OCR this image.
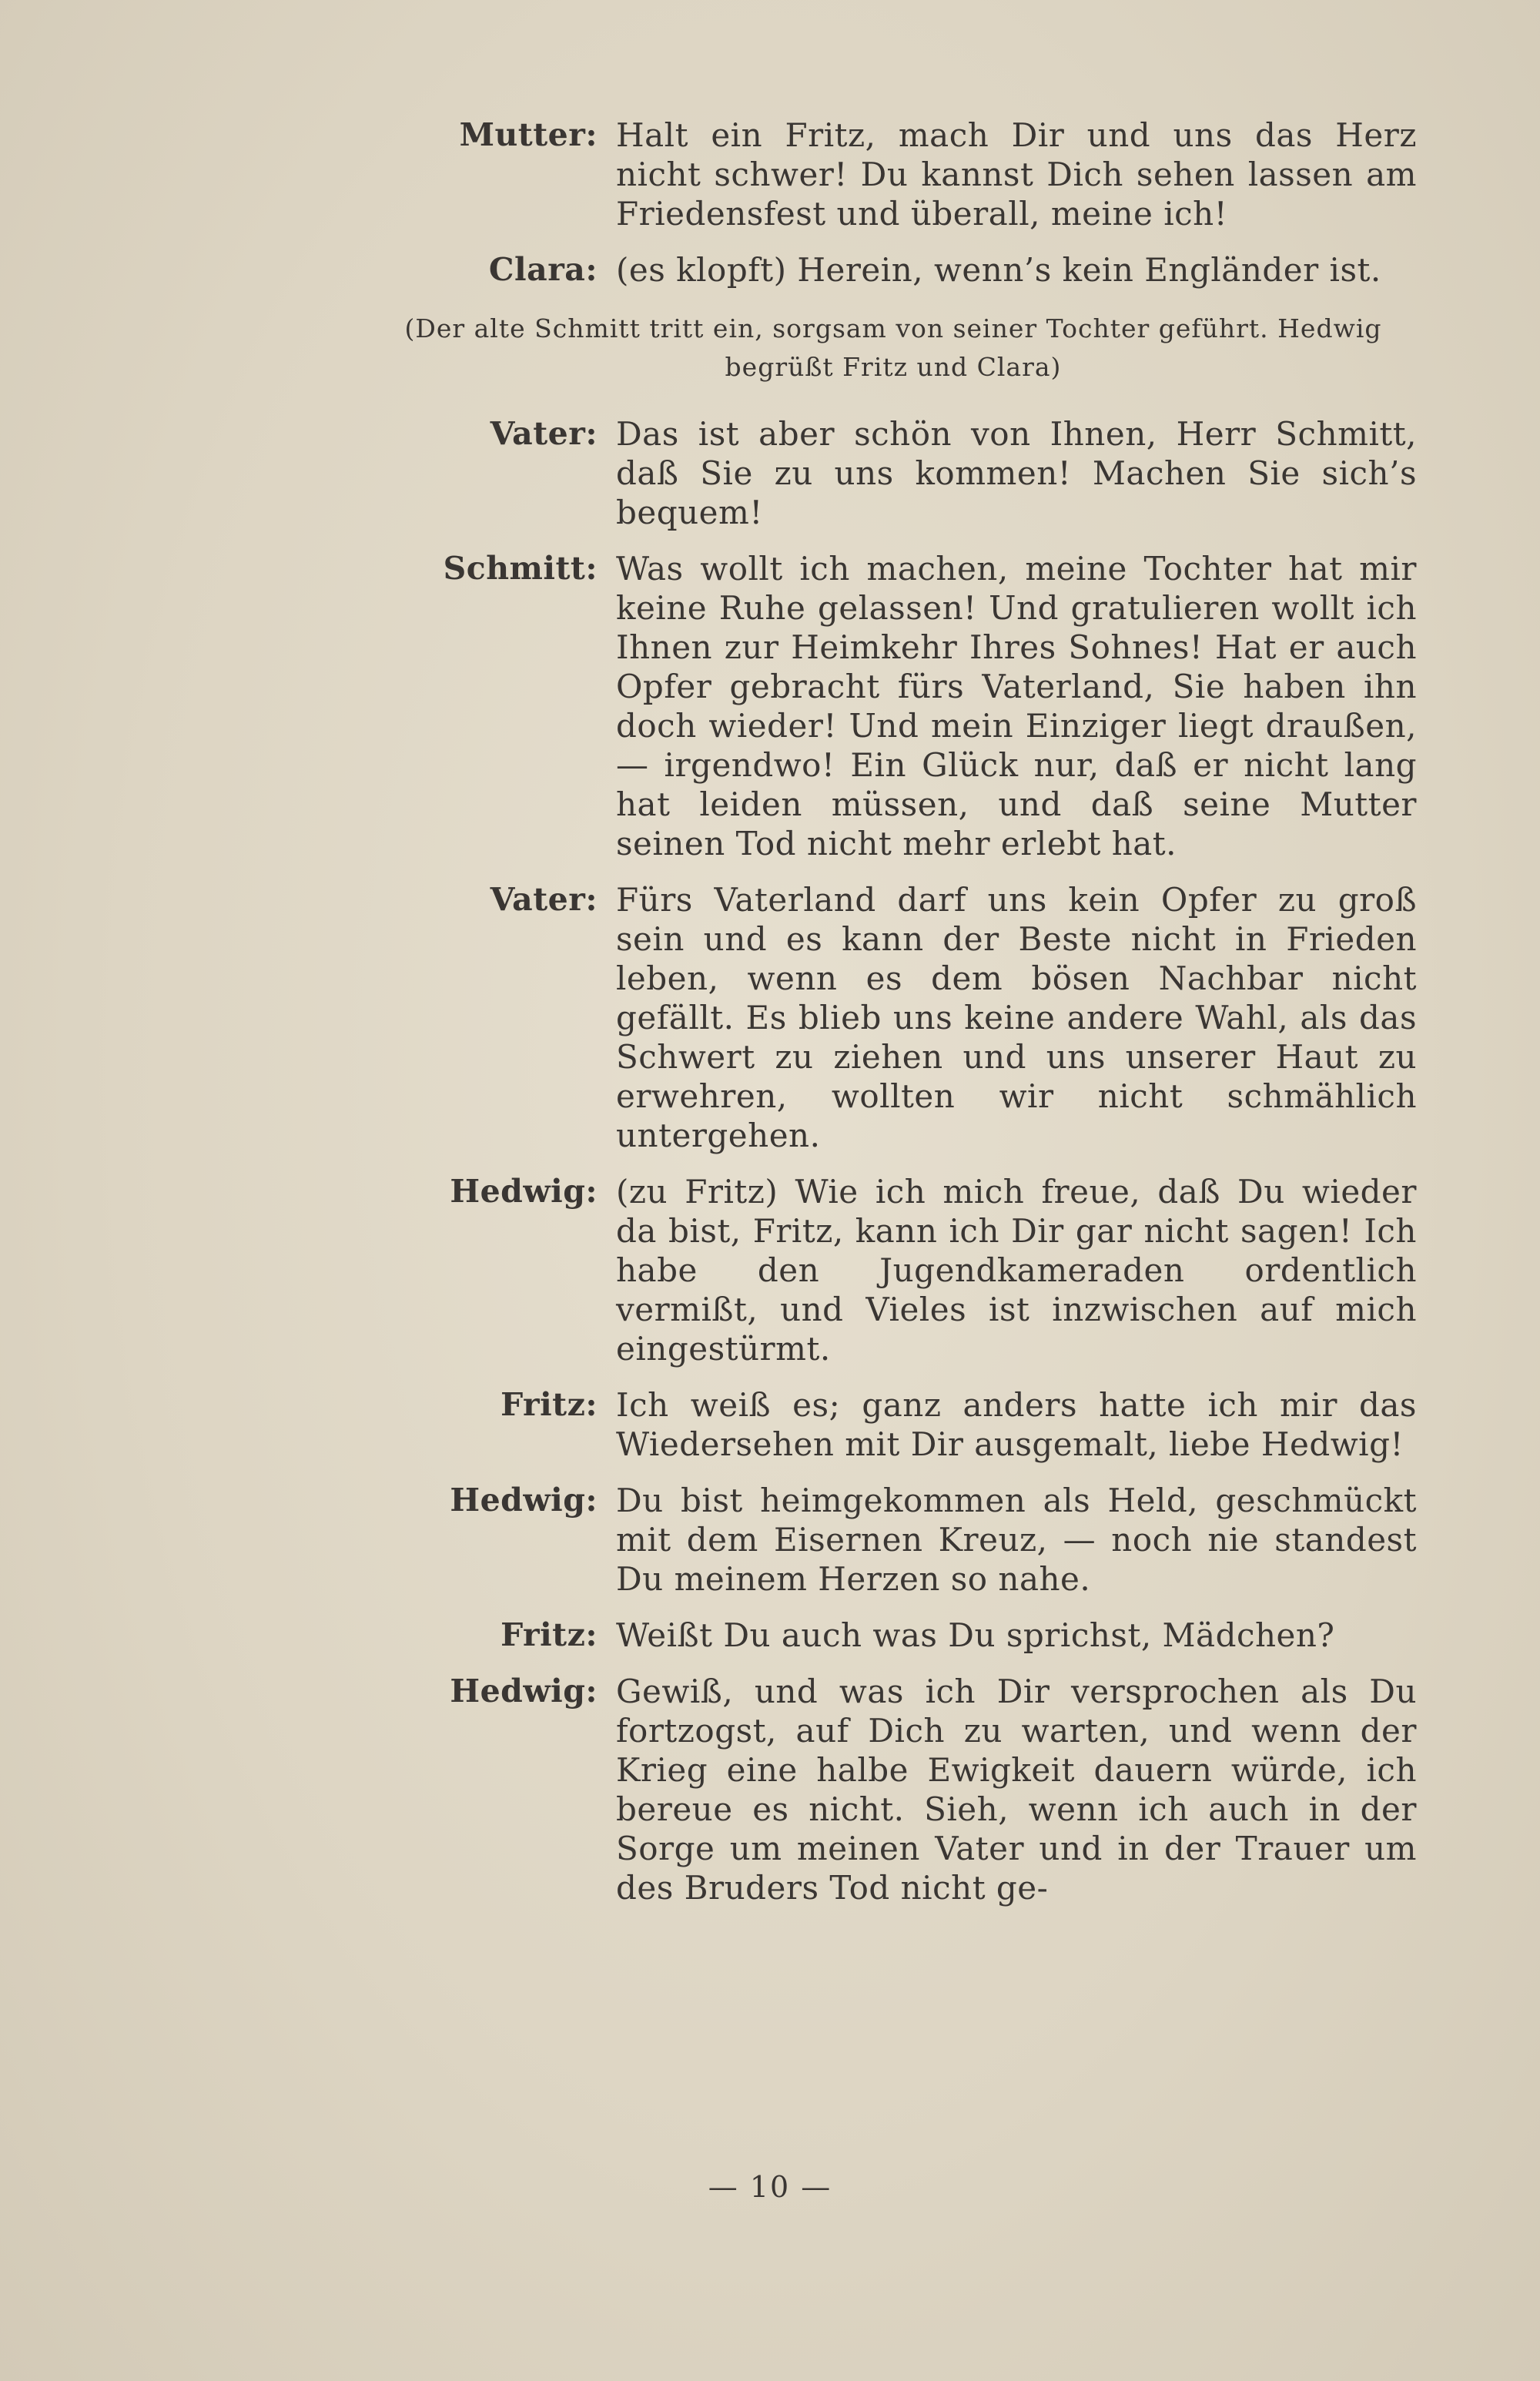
Mutter: Halt ein Fritz, mach Dir und uns das Herz nicht schwer! Du kannst Dich sehen lassen am Friedensfest und überall, meine ich!
Clara: (es klopft) Herein, wenn’s kein Engländer ist.
(Der alte Schmitt tritt ein, sorgsam von seiner Tochter geführt. Hedwig begrüßt Fritz und Clara)
Vater: Das ist aber schön von Ihnen, Herr Schmitt, daß Sie zu uns kommen! Machen Sie sich’s bequem!
Schmitt: Was wollt ich machen, meine Tochter hat mir keine Ruhe gelassen! Und gratulieren wollt ich Ihnen zur Heimkehr Ihres Sohnes! Hat er auch Opfer gebracht fürs Vaterland, Sie haben ihn doch wieder! Und mein Einziger liegt draußen, — irgendwo! Ein Glück nur, daß er nicht lang hat leiden müssen, und daß seine Mutter seinen Tod nicht mehr erlebt hat.
Vater: Fürs Vaterland darf uns kein Opfer zu groß sein und es kann der Beste nicht in Frieden leben, wenn es dem bösen Nachbar nicht gefällt. Es blieb uns keine andere Wahl, als das Schwert zu ziehen und uns unserer Haut zu erwehren, wollten wir nicht schmählich untergehen.
Hedwig: (zu Fritz) Wie ich mich freue, daß Du wieder da bist, Fritz, kann ich Dir gar nicht sagen! Ich habe den Jugendkameraden ordentlich vermißt, und Vieles ist inzwischen auf mich eingestürmt.
Fritz: Ich weiß es; ganz anders hatte ich mir das Wiedersehen mit Dir ausgemalt, liebe Hedwig!
Hedwig: Du bist heimgekommen als Held, geschmückt mit dem Eisernen Kreuz, — noch nie standest Du meinem Herzen so nahe.
Fritz: Weißt Du auch was Du sprichst, Mädchen?
Hedwig: Gewiß, und was ich Dir versprochen als Du fortzogst, auf Dich zu warten, und wenn der Krieg eine halbe Ewigkeit dauern würde, ich bereue es nicht. Sieh, wenn ich auch in der Sorge um meinen Vater und in der Trauer um des Bruders Tod nicht ge-
— 10 —
